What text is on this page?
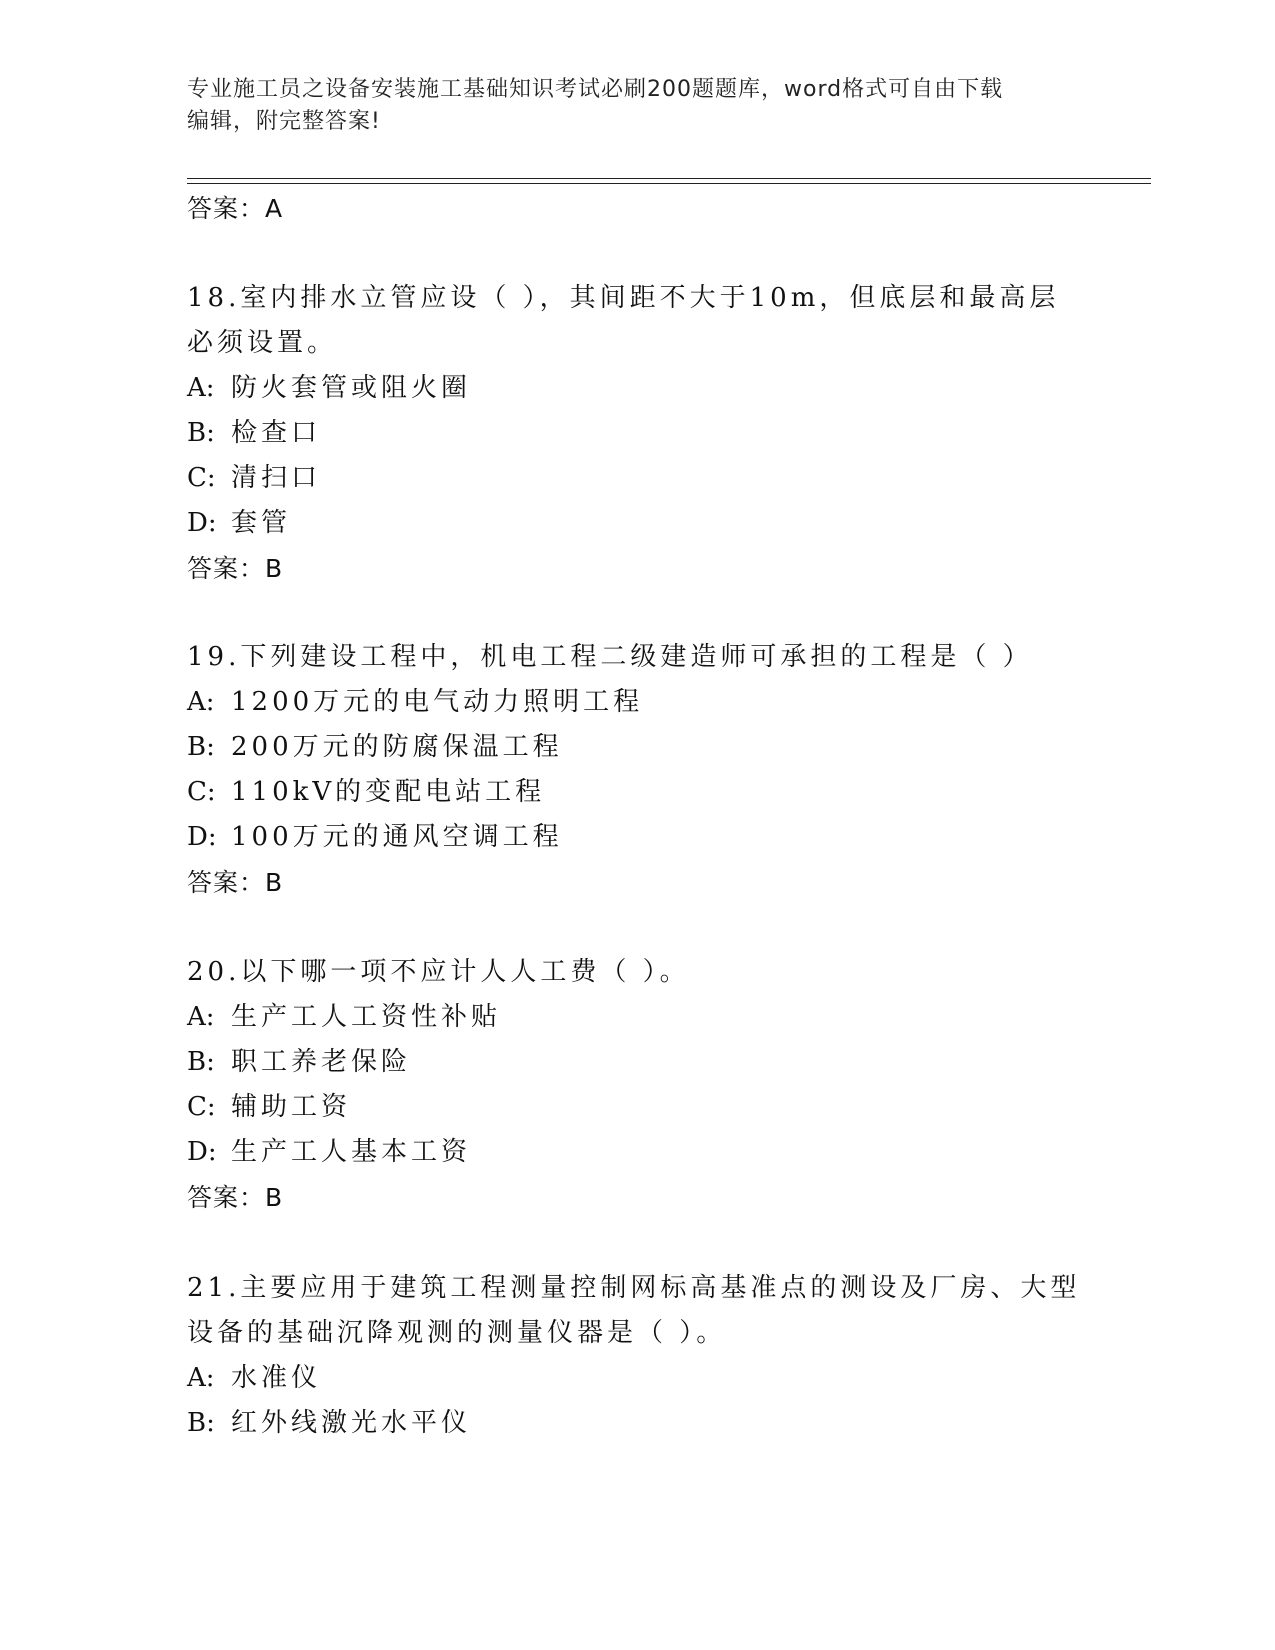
专业施工员之设备安装施工基础知识考试必刷200题题库，word格式可自由下载
编辑，附完整答案!
答案：A
18.室内排水立管应设（ ），其间距不大于10m，但底层和最高层必须设置。
A: 防火套管或阻火圈
B: 检查口
C: 清扫口
D: 套管
答案：B
19.下列建设工程中，机电工程二级建造师可承担的工程是（ ）
A: 1200万元的电气动力照明工程
B: 200万元的防腐保温工程
C: 110kV的变配电站工程
D: 100万元的通风空调工程
答案：B
20.以下哪一项不应计人人工费（ ）。
A: 生产工人工资性补贴
B: 职工养老保险
C: 辅助工资
D: 生产工人基本工资
答案：B
21.主要应用于建筑工程测量控制网标高基准点的测设及厂房、大型设备的基础沉降观测的测量仪器是（ ）。
A: 水准仪
B: 红外线激光水平仪
